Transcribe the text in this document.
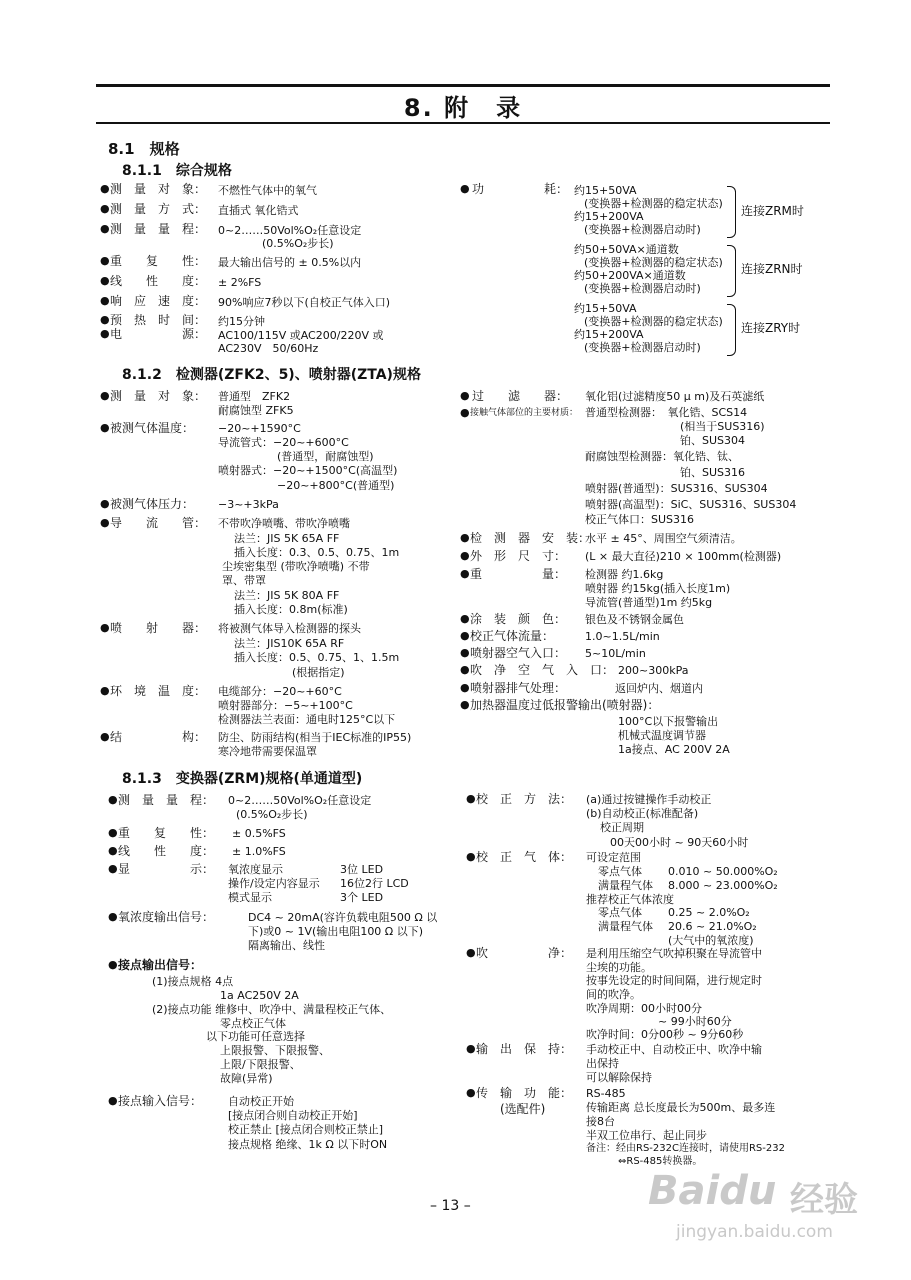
8. 附　录
8.1　规格
8.1.1　综合规格
● 测　量　对　象： 不燃性气体中的氧气
● 测　量　方　式： 直插式 氧化锆式
● 测　量　量　程： 0~2……50Vol%O₂任意设定
(0.5%O₂步长)
● 重　　复　　性： 最大输出信号的 ± 0.5%以内
● 线　　性　　度： ± 2%FS
● 响　应　速　度： 90%响应7秒以下(自校正气体入口)
● 预　热　时　间： 约15分钟
● 电　　　　　源： AC100/115V 或AC200/220V 或
AC230V　50/60Hz
● 功　　　　　耗： 约15+50VA
(变换器+检测器的稳定状态)
约15+200VA
(变换器+检测器启动时)
连接ZRM时
约50+50VA×通道数
(变换器+检测器的稳定状态)
约50+200VA×通道数
(变换器+检测器启动时)
连接ZRN时
约15+50VA
(变换器+检测器的稳定状态)
约15+200VA
(变换器+检测器启动时)
连接ZRY时
8.1.2　检测器(ZFK2、5)、喷射器(ZTA)规格
● 测　量　对　象： 普通型　ZFK2
耐腐蚀型 ZFK5
● 被测气体温度： −20~+1590°C
导流管式：−20~+600°C
(普通型，耐腐蚀型)
喷射器式：−20~+1500°C(高温型)
−20~+800°C(普通型)
● 被测气体压力： −3~+3kPa
● 导　　流　　管： 不带吹净喷嘴、带吹净喷嘴
法兰：JIS 5K 65A FF
插入长度：0.3、0.5、0.75、1m
尘埃密集型 (带吹净喷嘴) 不带
罩、带罩
法兰：JIS 5K 80A FF
插入长度：0.8m(标准)
● 喷　　射　　器： 将被测气体导入检测器的探头
法兰：JIS10K 65A RF
插入长度：0.5、0.75、1、1.5m
(根据指定)
● 环　境　温　度： 电缆部分：−20~+60°C
喷射器部分：−5~+100°C
检测器法兰表面：通电时125°C以下
● 结　　　　　构： 防尘、防雨结构(相当于IEC标准的IP55)
寒冷地带需要保温罩
● 过　　滤　　器： 氧化铝(过滤精度50 μ m)及石英滤纸
● 接触气体部位的主要材质： 普通型检测器：　氧化锆、SCS14
(相当于SUS316)
铂、SUS304
耐腐蚀型检测器：氧化锆、钛、
铂、SUS316
喷射器(普通型)：SUS316、SUS304
喷射器(高温型)：SiC、SUS316、SUS304
校正气体口：SUS316
● 检　测　器　安　装：
水平 ± 45°、周围空气须清洁。
● 外　形　尺　寸： (L × 最大直径)210 × 100mm(检测器)
● 重　　　　　量： 检测器 约1.6kg
喷射器 约15kg(插入长度1m)
导流管(普通型)1m 约5kg
● 涂　装　颜　色： 银色及不锈钢金属色
● 校正气体流量：	1.0~1.5L/min
● 喷射器空气入口： 5~10L/min
● 吹　净　空　气　入　口： 200~300kPa
● 喷射器排气处理：	返回炉内、烟道内
● 加热器温度过低报警输出(喷射器)：
100°C以下报警输出
机械式温度调节器
1a接点、AC 200V 2A
8.1.3　变换器(ZRM)规格(单通道型)
● 测　量　量　程： 0~2……50Vol%O₂任意设定
(0.5%O₂步长)
● 重　　复　　性： ± 0.5%FS
● 线　　性　　度： ± 1.0%FS
● 显　　　　　示： 氧浓度显示	3位 LED
操作/设定内容显示 16位2行 LCD
模式显示	3个 LED
● 氧浓度输出信号：	DC4 ~ 20mA(容许负载电阻500 Ω 以
下)或0 ~ 1V(输出电阻100 Ω 以下)
隔离输出、线性
● 接点输出信号：
(1)接点规格 4点
1a AC250V 2A
(2)接点功能 维修中、吹净中、满量程校正气体、
零点校正气体
以下功能可任意选择
上限报警、下限报警、
上限/下限报警、
故障(异常)
● 接点输入信号： 自动校正开始
[接点闭合则自动校正开始]
校正禁止 [接点闭合则校正禁止]
接点规格 绝缘、1k Ω 以下时ON
● 校　正　方　法： (a)通过按键操作手动校正
(b)自动校正(标准配备)
校正周期
00天00小时 ~ 90天60小时
● 校　正　气　体： 可设定范围
零点气体 0.010 ~ 50.000%O₂
满量程气体 8.000 ~ 23.000%O₂
推荐校正气体浓度
零点气体 0.25 ~ 2.0%O₂
满量程气体 20.6 ~ 21.0%O₂
(大气中的氧浓度)
● 吹　　　　　净： 是利用压缩空气吹掉积聚在导流管中
尘埃的功能。
按事先设定的时间间隔，进行规定时
间的吹净。
吹净周期：00小时00分
~ 99小时60分
吹净时间：0分00秒 ~ 9分60秒
● 输　出　保　持： 手动校正中、自动校正中、吹净中输
出保持
可以解除保持
● 传　输　功　能：
(选配件)
RS-485
传输距离 总长度最长为500m、最多连
接8台
半双工位串行、起止同步
备注：经由RS-232C连接时，请使用RS-232
⇔RS-485转换器。
– 13 –	Baidu 经验
jingyan.baidu.com
